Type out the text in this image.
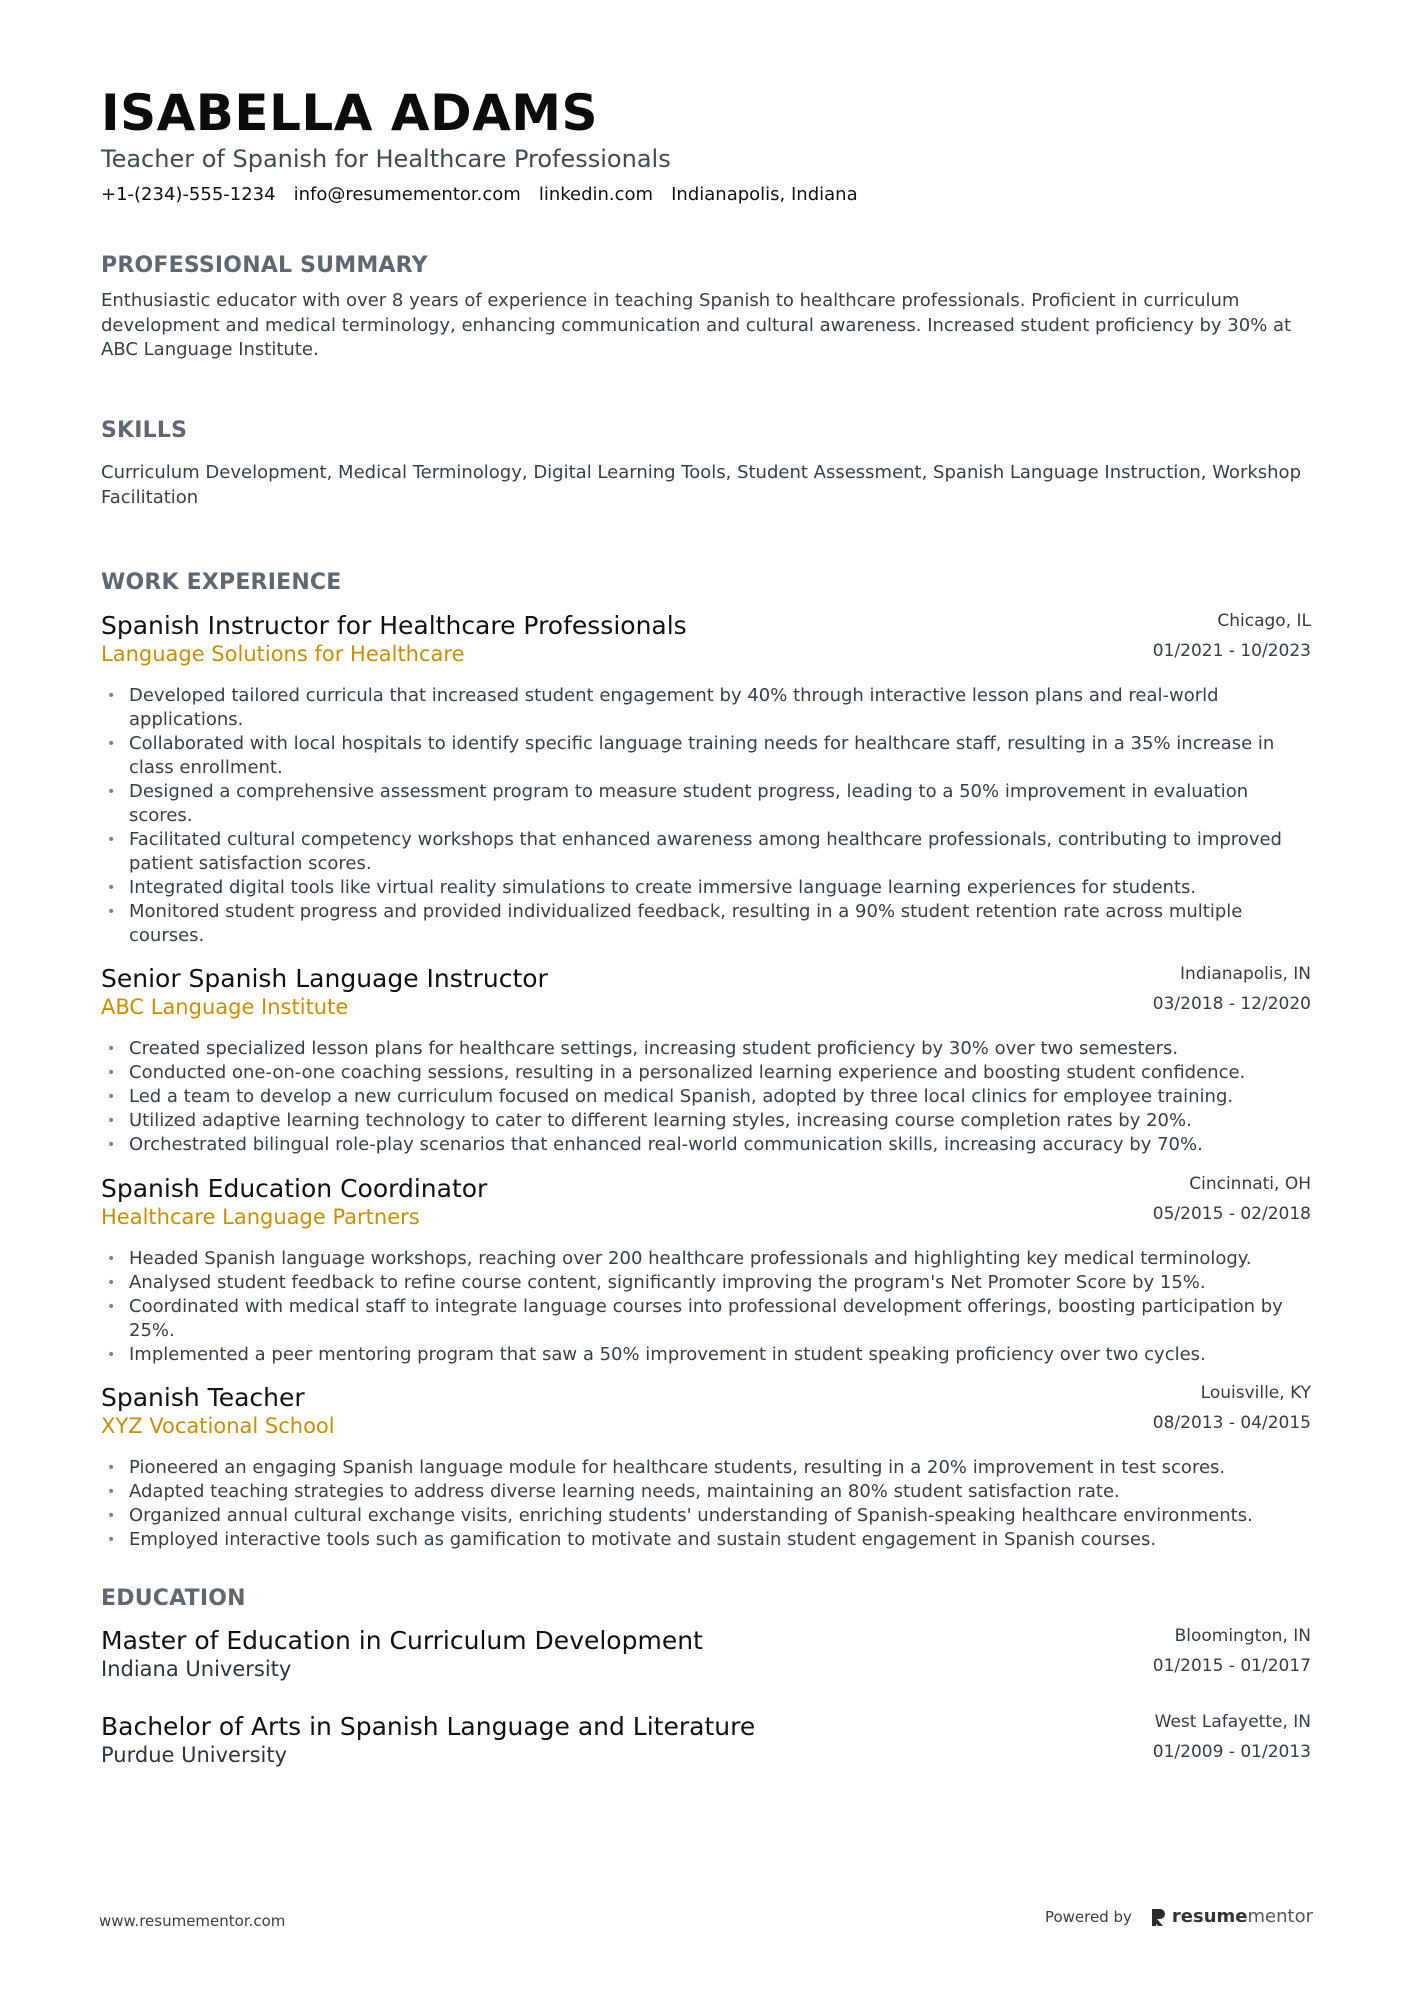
ISABELLA ADAMS
Teacher of Spanish for Healthcare Professionals
+1-(234)-555-1234 info@resumementor.com linkedin.com Indianapolis, Indiana
PROFESSIONAL SUMMARY

Enthusiastic educator with over 8 years of experience in teaching Spanish to healthcare professionals. Proficient in curriculum development and medical terminology, enhancing communication and cultural awareness. Increased student proficiency by 30% at ABC Language Institute.

SKILLS

Curriculum Development, Medical Terminology, Digital Learning Tools, Student Assessment, Spanish Language Instruction, Workshop Facilitation

WORK EXPERIENCE
Spanish Instructor for Healthcare Professionals
Language Solutions for Healthcare
Chicago, IL
01/2021 - 10/2023
• Developed tailored curricula that increased student engagement by 40% through interactive lesson plans and real-world applications.
• Collaborated with local hospitals to identify specific language training needs for healthcare staff, resulting in a 35% increase in class enrollment.
• Designed a comprehensive assessment program to measure student progress, leading to a 50% improvement in evaluation scores.
• Facilitated cultural competency workshops that enhanced awareness among healthcare professionals, contributing to improved patient satisfaction scores.
• Integrated digital tools like virtual reality simulations to create immersive language learning experiences for students.
• Monitored student progress and provided individualized feedback, resulting in a 90% student retention rate across multiple courses.
Senior Spanish Language Instructor
ABC Language Institute
Indianapolis, IN
03/2018 - 12/2020
• Created specialized lesson plans for healthcare settings, increasing student proficiency by 30% over two semesters.
• Conducted one-on-one coaching sessions, resulting in a personalized learning experience and boosting student confidence.
• Led a team to develop a new curriculum focused on medical Spanish, adopted by three local clinics for employee training.
• Utilized adaptive learning technology to cater to different learning styles, increasing course completion rates by 20%.
• Orchestrated bilingual role-play scenarios that enhanced real-world communication skills, increasing accuracy by 70%.
Spanish Education Coordinator
Healthcare Language Partners
Cincinnati, OH
05/2015 - 02/2018
• Headed Spanish language workshops, reaching over 200 healthcare professionals and highlighting key medical terminology.
• Analysed student feedback to refine course content, significantly improving the program's Net Promoter Score by 15%.
• Coordinated with medical staff to integrate language courses into professional development offerings, boosting participation by 25%.
• Implemented a peer mentoring program that saw a 50% improvement in student speaking proficiency over two cycles.
Spanish Teacher
XYZ Vocational School
Louisville, KY
08/2013 - 04/2015
• Pioneered an engaging Spanish language module for healthcare students, resulting in a 20% improvement in test scores.
• Adapted teaching strategies to address diverse learning needs, maintaining an 80% student satisfaction rate.
• Organized annual cultural exchange visits, enriching students' understanding of Spanish-speaking healthcare environments.
• Employed interactive tools such as gamification to motivate and sustain student engagement in Spanish courses.
EDUCATION
Master of Education in Curriculum Development
Indiana University
Bloomington, IN
01/2015 - 01/2017
Bachelor of Arts in Spanish Language and Literature
Purdue University
West Lafayette, IN
01/2009 - 01/2013
www.resumementor.com	Powered by resumementor
